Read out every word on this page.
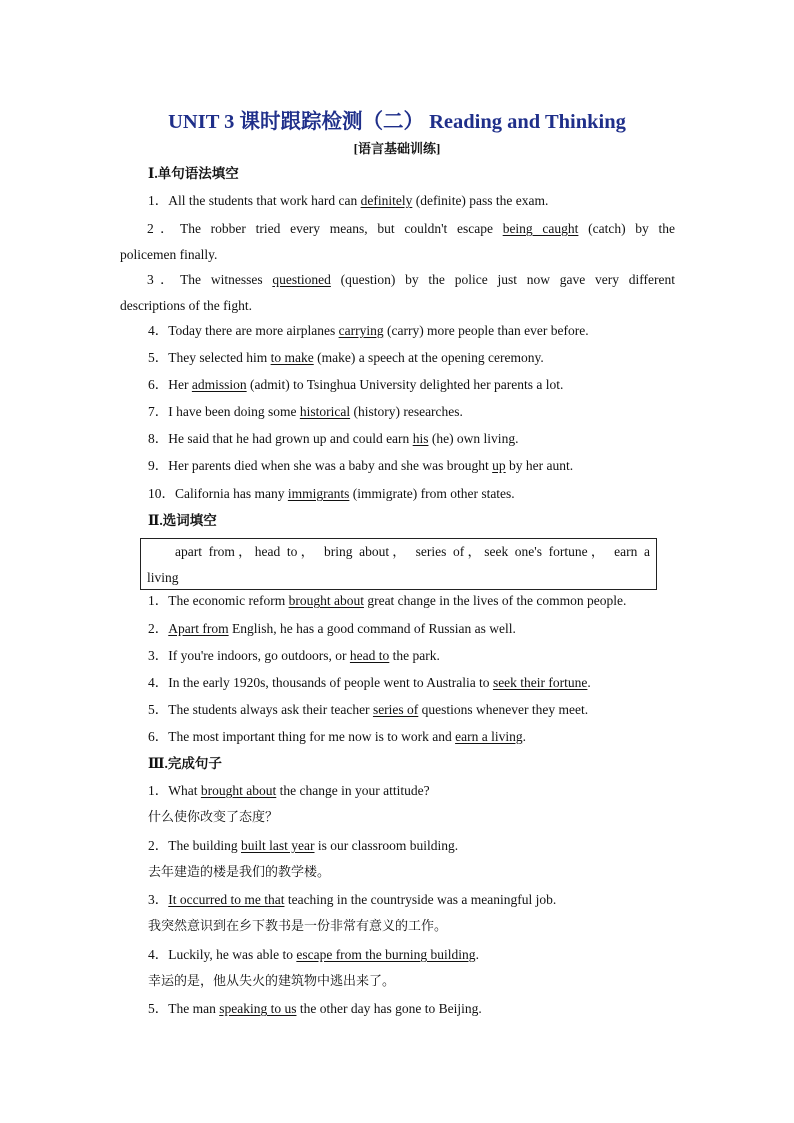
UNIT 3 课时跟踪检测（二） Reading and Thinking
[语言基础训练]
Ⅰ.单句语法填空
1．All the students that work hard can definitely (definite) pass the exam.
2．The robber tried every means, but couldn't escape being caught (catch) by the
policemen finally.
3．The witnesses questioned (question) by the police just now gave very different
descriptions of the fight.
4．Today there are more airplanes carrying (carry) more people than ever before.
5．They selected him to make (make) a speech at the opening ceremony.
6．Her admission (admit) to Tsinghua University delighted her parents a lot.
7．I have been doing some historical (history) researches.
8．He said that he had grown up and could earn his (he) own living.
9．Her parents died when she was a baby and she was brought up by her aunt.
10．California has many immigrants (immigrate) from other states.
Ⅱ.选词填空
apart from，head to， bring about， series of，seek one's fortune， earn a
living
1．The economic reform brought about great change in the lives of the common people.
2．Apart from English, he has a good command of Russian as well.
3．If you're indoors, go outdoors, or head to the park.
4．In the early 1920s, thousands of people went to Australia to seek their fortune.
5．The students always ask their teacher series of questions whenever they meet.
6．The most important thing for me now is to work and earn a living.
Ⅲ.完成句子
1．What brought about the change in your attitude?
什么使你改变了态度？
2．The building built last year is our classroom building.
去年建造的楼是我们的教学楼。
3．It occurred to me that teaching in the countryside was a meaningful job.
我突然意识到在乡下教书是一份非常有意义的工作。
4．Luckily, he was able to escape from the burning building.
幸运的是，他从失火的建筑物中逃出来了。
5．The man speaking to us the other day has gone to Beijing.
